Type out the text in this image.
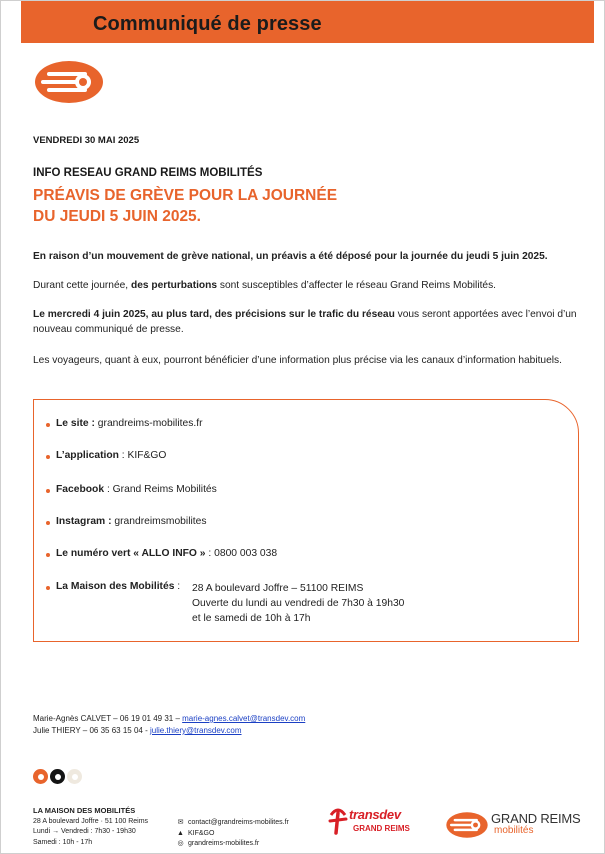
Communiqué de presse
VENDREDI 30 MAI 2025
INFO RESEAU GRAND REIMS MOBILITÉS
PRÉAVIS DE GRÈVE POUR LA JOURNÉE
DU JEUDI 5 JUIN 2025.

En raison d’un mouvement de grève national, un préavis a été déposé pour la journée du jeudi 5 juin 2025.

Durant cette journée, des perturbations sont susceptibles d’affecter le réseau Grand Reims Mobilités.

Le mercredi 4 juin 2025, au plus tard, des précisions sur le trafic du réseau vous seront apportées avec l’envoi d’un nouveau communiqué de presse.

Les voyageurs, quant à eux, pourront bénéficier d’une information plus précise via les canaux d’information habituels.

Le site : grandreims-mobilites.fr
L’application : KIF&GO
Facebook : Grand Reims Mobilités
Instagram : grandreimsmobilites
Le numéro vert « ALLO INFO » : 0800 003 038
La Maison des Mobilités : 28 A boulevard Joffre – 51100 REIMS
Ouverte du lundi au vendredi de 7h30 à 19h30
et le samedi de 10h à 17h
Marie-Agnès CALVET – 06 19 01 49 31 – marie-agnes.calvet@transdev.com
Julie THIERY – 06 35 63 15 04 - julie.thiery@transdev.com
LA MAISON DES MOBILITÉS
28 A boulevard Joffre · 51 100 Reims
Lundi → Vendredi : 7h30 - 19h30
Samedi : 10h - 17h
✉ contact@grandreims-mobilites.fr
▲ KIF&GO
◎ grandreims-mobilites.fr
transdev
GRAND REIMS
GRAND REIMS
mobilités
